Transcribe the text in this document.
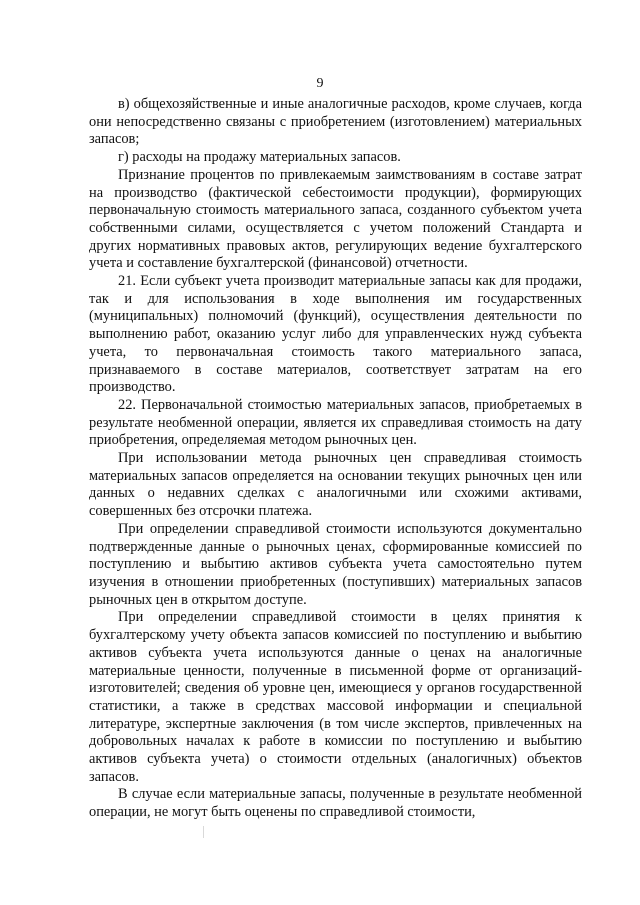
9

в) общехозяйственные и иные аналогичные расходов, кроме случаев, когда они непосредственно связаны с приобретением (изготовлением) материальных запасов;

г) расходы на продажу материальных запасов.

Признание процентов по привлекаемым заимствованиям в составе затрат на производство (фактической себестоимости продукции), формирующих первоначальную стоимость материального запаса, созданного субъектом учета собственными силами, осуществляется с учетом положений Стандарта и других нормативных правовых актов, регулирующих ведение бухгалтерского учета и составление бухгалтерской (финансовой) отчетности.

21. Если субъект учета производит материальные запасы как для продажи, так и для использования в ходе выполнения им государственных (муниципальных) полномочий (функций), осуществления деятельности по выполнению работ, оказанию услуг либо для управленческих нужд субъекта учета, то первоначальная стоимость такого материального запаса, признаваемого в составе материалов, соответствует затратам на его производство.

22. Первоначальной стоимостью материальных запасов, приобретаемых в результате необменной операции, является их справедливая стоимость на дату приобретения, определяемая методом рыночных цен.

При использовании метода рыночных цен справедливая стоимость материальных запасов определяется на основании текущих рыночных цен или данных о недавних сделках с аналогичными или схожими активами, совершенных без отсрочки платежа.

При определении справедливой стоимости используются документально подтвержденные данные о рыночных ценах, сформированные комиссией по поступлению и выбытию активов субъекта учета самостоятельно путем изучения в отношении приобретенных (поступивших) материальных запасов рыночных цен в открытом доступе.

При определении справедливой стоимости в целях принятия к бухгалтерскому учету объекта запасов комиссией по поступлению и выбытию активов субъекта учета используются данные о ценах на аналогичные материальные ценности, полученные в письменной форме от организаций-изготовителей; сведения об уровне цен, имеющиеся у органов государственной статистики, а также в средствах массовой информации и специальной литературе, экспертные заключения (в том числе экспертов, привлеченных на добровольных началах к работе в комиссии по поступлению и выбытию активов субъекта учета) о стоимости отдельных (аналогичных) объектов запасов.

В случае если материальные запасы, полученные в результате необменной операции, не могут быть оценены по справедливой стоимости,
